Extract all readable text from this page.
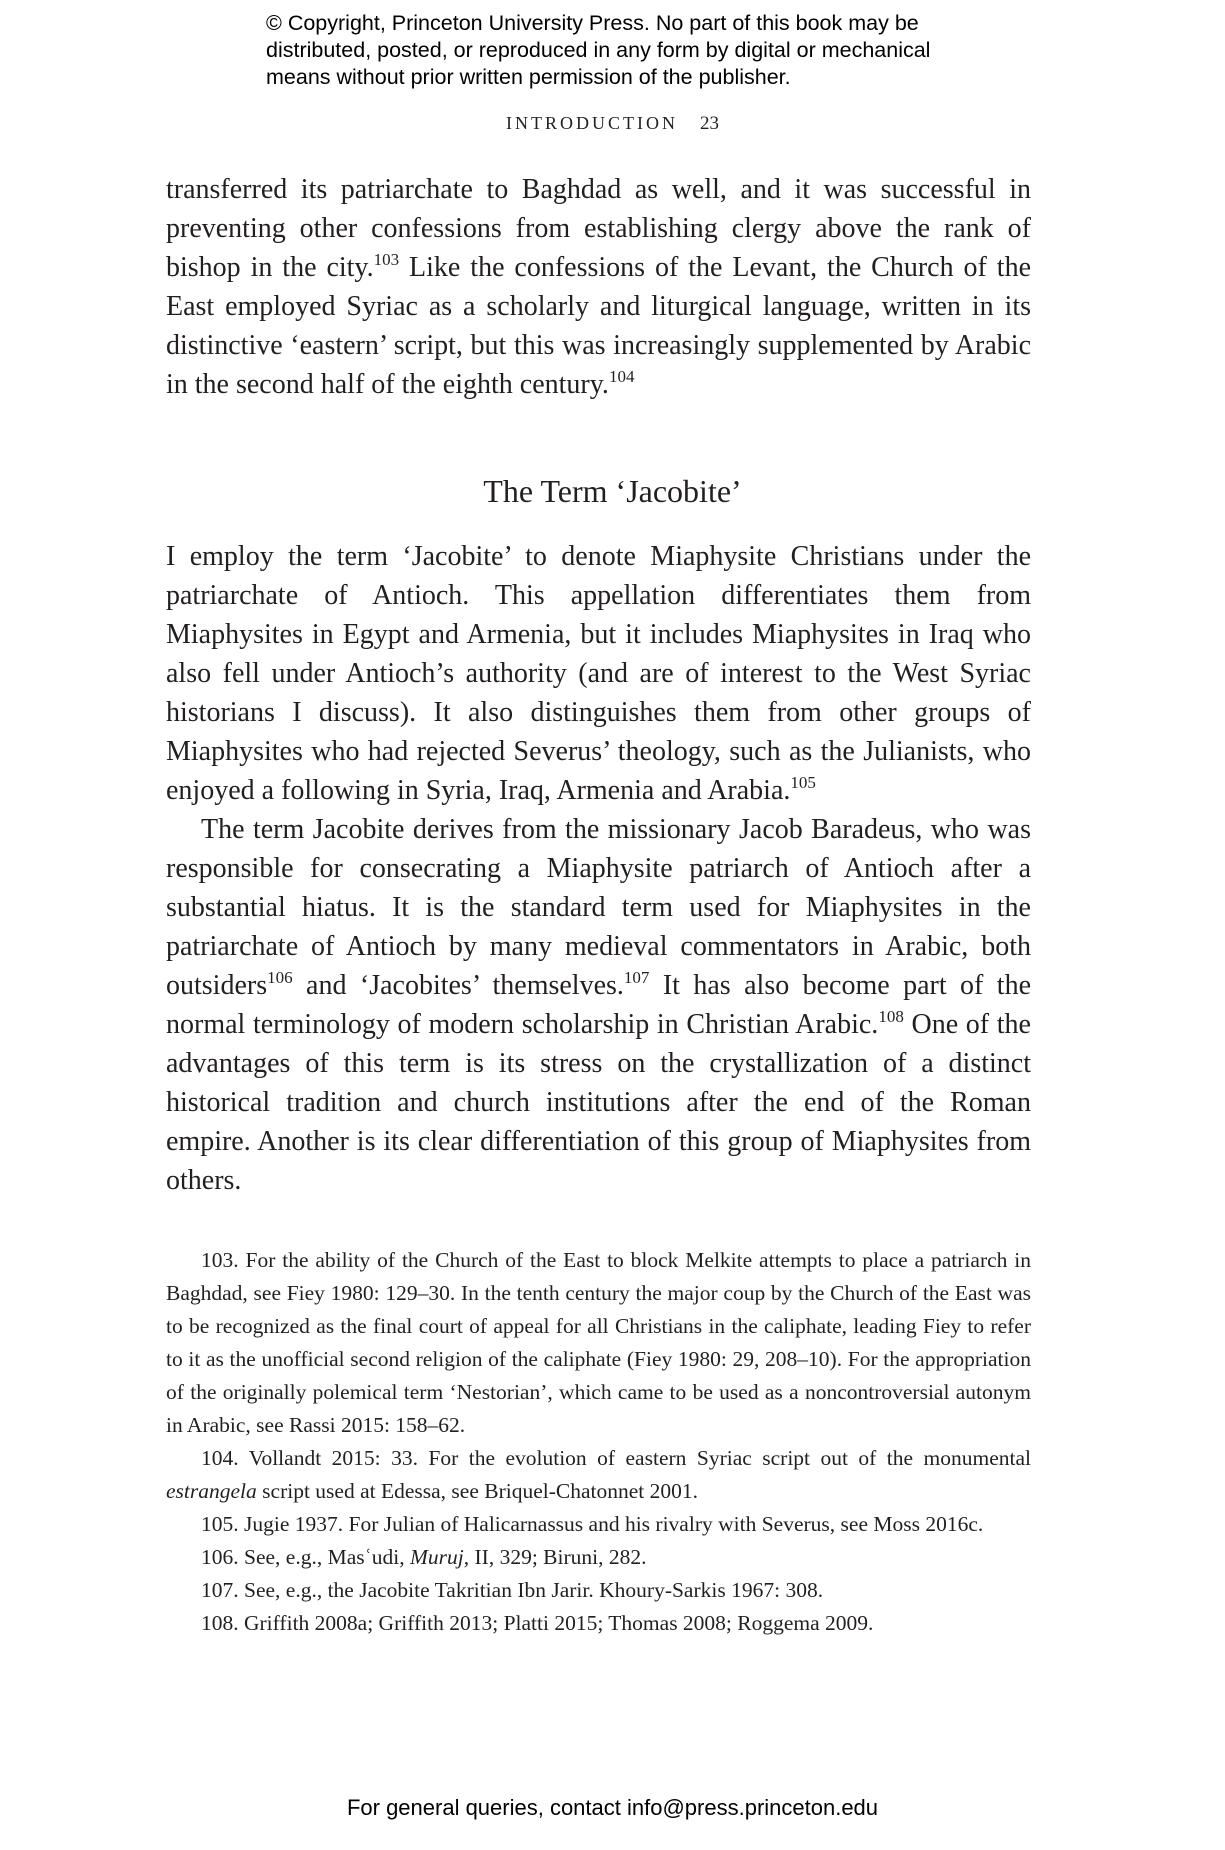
© Copyright, Princeton University Press. No part of this book may be
distributed, posted, or reproduced in any form by digital or mechanical
means without prior written permission of the publisher.
INTRODUCTION 23

transferred its patriarchate to Baghdad as well, and it was successful in preventing other confessions from establishing clergy above the rank of bishop in the city.$^{103}$ Like the confessions of the Levant, the Church of the East employed Syriac as a scholarly and liturgical language, written in its distinctive ‘eastern’ script, but this was increasingly supplemented by Arabic in the second half of the eighth century.$^{104}$

The Term ‘Jacobite’

I employ the term ‘Jacobite’ to denote Miaphysite Christians under the patriarchate of Antioch. This appellation differentiates them from Miaphysites in Egypt and Armenia, but it includes Miaphysites in Iraq who also fell under Antioch’s authority (and are of interest to the West Syriac historians I discuss). It also distinguishes them from other groups of Miaphysites who had rejected Severus’ theology, such as the Julianists, who enjoyed a following in Syria, Iraq, Armenia and Arabia.$^{105}$

The term Jacobite derives from the missionary Jacob Baradeus, who was responsible for consecrating a Miaphysite patriarch of Antioch after a substantial hiatus. It is the standard term used for Miaphysites in the patriarchate of Antioch by many medieval commentators in Arabic, both outsiders$^{106}$ and ‘Jacobites’ themselves.$^{107}$ It has also become part of the normal terminology of modern scholarship in Christian Arabic.$^{108}$ One of the advantages of this term is its stress on the crystallization of a distinct historical tradition and church institutions after the end of the Roman empire. Another is its clear differentiation of this group of Miaphysites from others.

103. For the ability of the Church of the East to block Melkite attempts to place a patriarch in Baghdad, see Fiey 1980: 129–30. In the tenth century the major coup by the Church of the East was to be recognized as the final court of appeal for all Christians in the caliphate, leading Fiey to refer to it as the unofficial second religion of the caliphate (Fiey 1980: 29, 208–10). For the appropriation of the originally polemical term ‘Nestorian’, which came to be used as a noncontroversial autonym in Arabic, see Rassi 2015: 158–62.

104. Vollandt 2015: 33. For the evolution of eastern Syriac script out of the monumental estrangela script used at Edessa, see Briquel-Chatonnet 2001.

105. Jugie 1937. For Julian of Halicarnassus and his rivalry with Severus, see Moss 2016c.

106. See, e.g., Masʿudi, Muruj, II, 329; Biruni, 282.

107. See, e.g., the Jacobite Takritian Ibn Jarir. Khoury-Sarkis 1967: 308.

108. Griffith 2008a; Griffith 2013; Platti 2015; Thomas 2008; Roggema 2009.

For general queries, contact info@press.princeton.edu
